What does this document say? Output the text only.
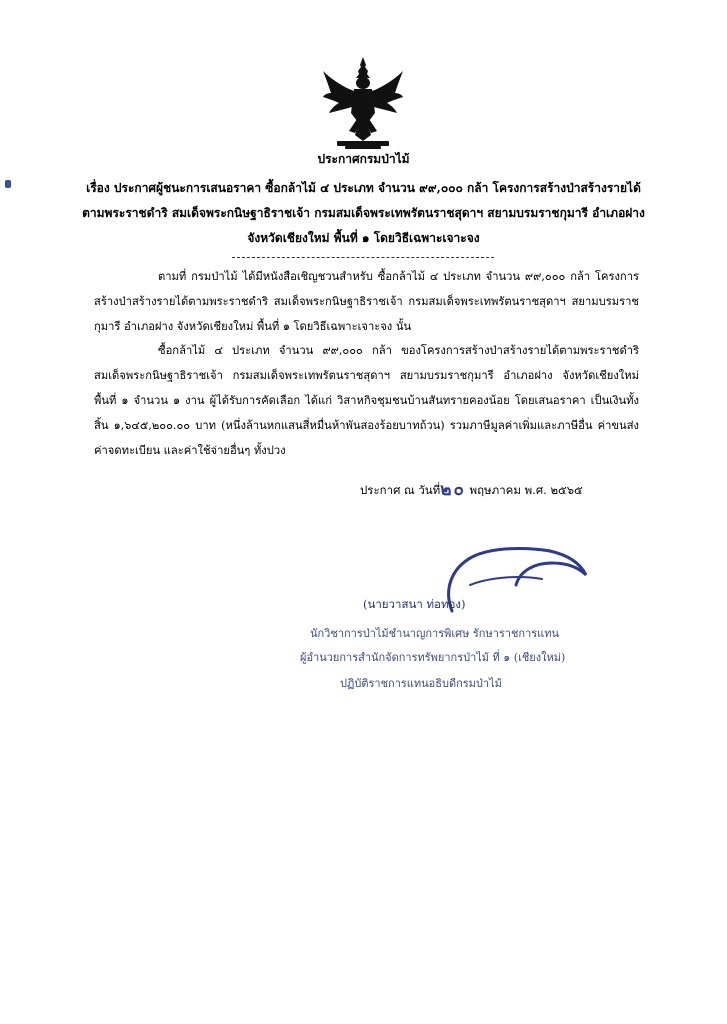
ประกาศกรมป่าไม้
เรื่อง ประกาศผู้ชนะการเสนอราคา ซื้อกล้าไม้ ๔ ประเภท จำนวน ๙๙,๐๐๐ กล้า โครงการสร้างป่าสร้างรายได้
ตามพระราชดำริ สมเด็จพระกนิษฐาธิราชเจ้า กรมสมเด็จพระเทพรัตนราชสุดาฯ สยามบรมราชกุมารี อำเภอฝาง
จังหวัดเชียงใหม่ พื้นที่ ๑ โดยวิธีเฉพาะเจาะจง
ตามที่ กรมป่าไม้ ได้มีหนังสือเชิญชวนสำหรับ ซื้อกล้าไม้ ๔ ประเภท จำนวน ๙๙,๐๐๐ กล้า โครงการสร้างป่าสร้างรายได้ตามพระราชดำริ สมเด็จพระกนิษฐาธิราชเจ้า กรมสมเด็จพระเทพรัตนราชสุดาฯ สยามบรมราชกุมารี อำเภอฝาง จังหวัดเชียงใหม่ พื้นที่ ๑ โดยวิธีเฉพาะเจาะจง นั้น
ซื้อกล้าไม้ ๔ ประเภท จำนวน ๙๙,๐๐๐ กล้า ของโครงการสร้างป่าสร้างรายได้ตามพระราชดำริ สมเด็จพระกนิษฐาธิราชเจ้า กรมสมเด็จพระเทพรัตนราชสุดาฯ สยามบรมราชกุมารี อำเภอฝาง จังหวัดเชียงใหม่ พื้นที่ ๑ จำนวน ๑ งาน ผู้ได้รับการคัดเลือก ได้แก่ วิสาหกิจชุมชนบ้านสันทรายคองน้อย โดยเสนอราคา เป็นเงินทั้งสิ้น ๑,๖๔๕,๒๐๐.๐๐ บาท (หนึ่งล้านหกแสนสี่หมื่นห้าพันสองร้อยบาทถ้วน) รวมภาษีมูลค่าเพิ่มและภาษีอื่น ค่าขนส่ง ค่าจดทะเบียน และค่าใช้จ่ายอื่นๆ ทั้งปวง
ประกาศ ณ วันที่๒๐ พฤษภาคม พ.ศ. ๒๕๖๕
(นายวาสนา ท่อทอง)
นักวิชาการป่าไม้ชำนาญการพิเศษ รักษาราชการแทน
ผู้อำนวยการสำนักจัดการทรัพยากรป่าไม้ ที่ ๑ (เชียงใหม่)
ปฏิบัติราชการแทนอธิบดีกรมป่าไม้
